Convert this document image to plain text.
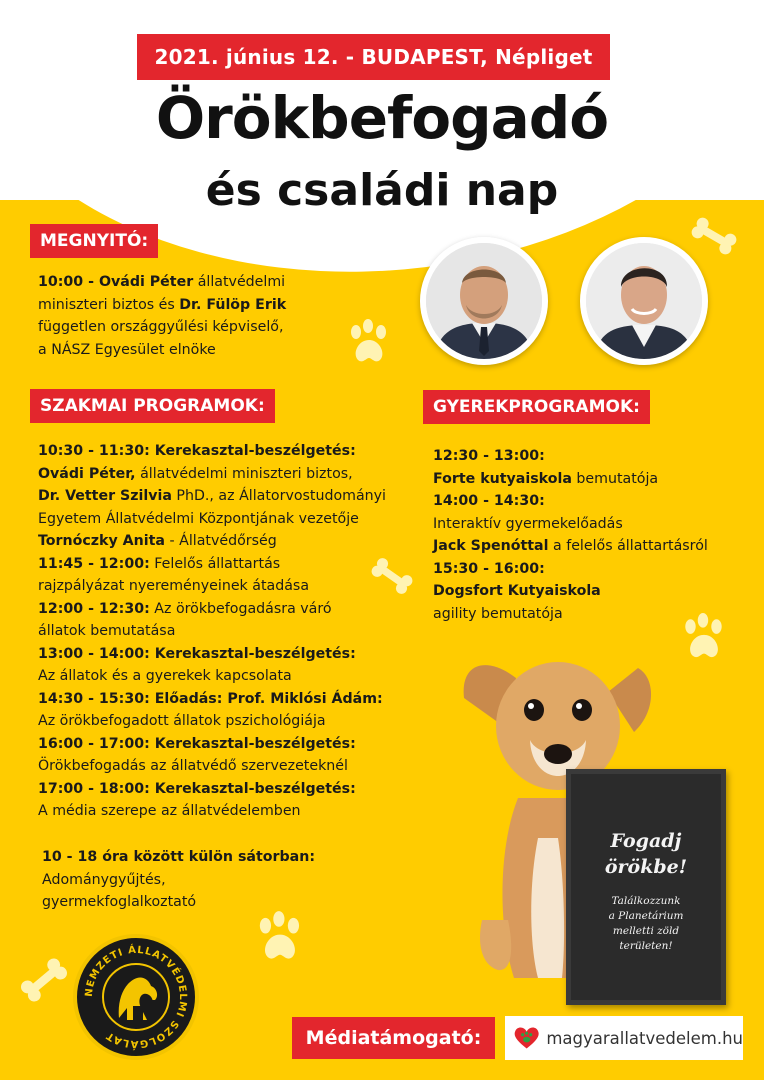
2021. június 12. - BUDAPEST, Népliget
Örökbefogadó
és családi nap
MEGNYITÓ:
10:00 - Ovádi Péter állatvédelmi
miniszteri biztos és Dr. Fülöp Erik
független országgyűlési képviselő,
a NÁSZ Egyesület elnöke
SZAKMAI PROGRAMOK:
10:30 - 11:30: Kerekasztal-beszélgetés:
Ovádi Péter, állatvédelmi miniszteri biztos,
Dr. Vetter Szilvia PhD., az Állatorvostudományi
Egyetem Állatvédelmi Központjának vezetője
Tornóczky Anita - Állatvédőrség
11:45 - 12:00: Felelős állattartás
rajzpályázat nyereményeinek átadása
12:00 - 12:30: Az örökbefogadásra váró
állatok bemutatása
13:00 - 14:00: Kerekasztal-beszélgetés:
Az állatok és a gyerekek kapcsolata
14:30 - 15:30: Előadás: Prof. Miklósi Ádám:
Az örökbefogadott állatok pszichológiája
16:00 - 17:00: Kerekasztal-beszélgetés:
Örökbefogadás az állatvédő szervezeteknél
17:00 - 18:00: Kerekasztal-beszélgetés:
A média szerepe az állatvédelemben
10 - 18 óra között külön sátorban:
Adománygyűjtés,
gyermekfoglalkoztató
GYEREKPROGRAMOK:
12:30 - 13:00:
Forte kutyaiskola bemutatója
14:00 - 14:30:
Interaktív gyermekelőadás
Jack Spenóttal a felelős állattartásról
15:30 - 16:00:
Dogsfort Kutyaiskola
agility bemutatója
Fogadj
örökbe!
Találkozzunk
a Planetárium
melletti zöld
területen!
NEMZETI ÁLLATVÉDELMI SZOLGÁLAT	Médiatámogató:	magyarallatvedelem.hu
